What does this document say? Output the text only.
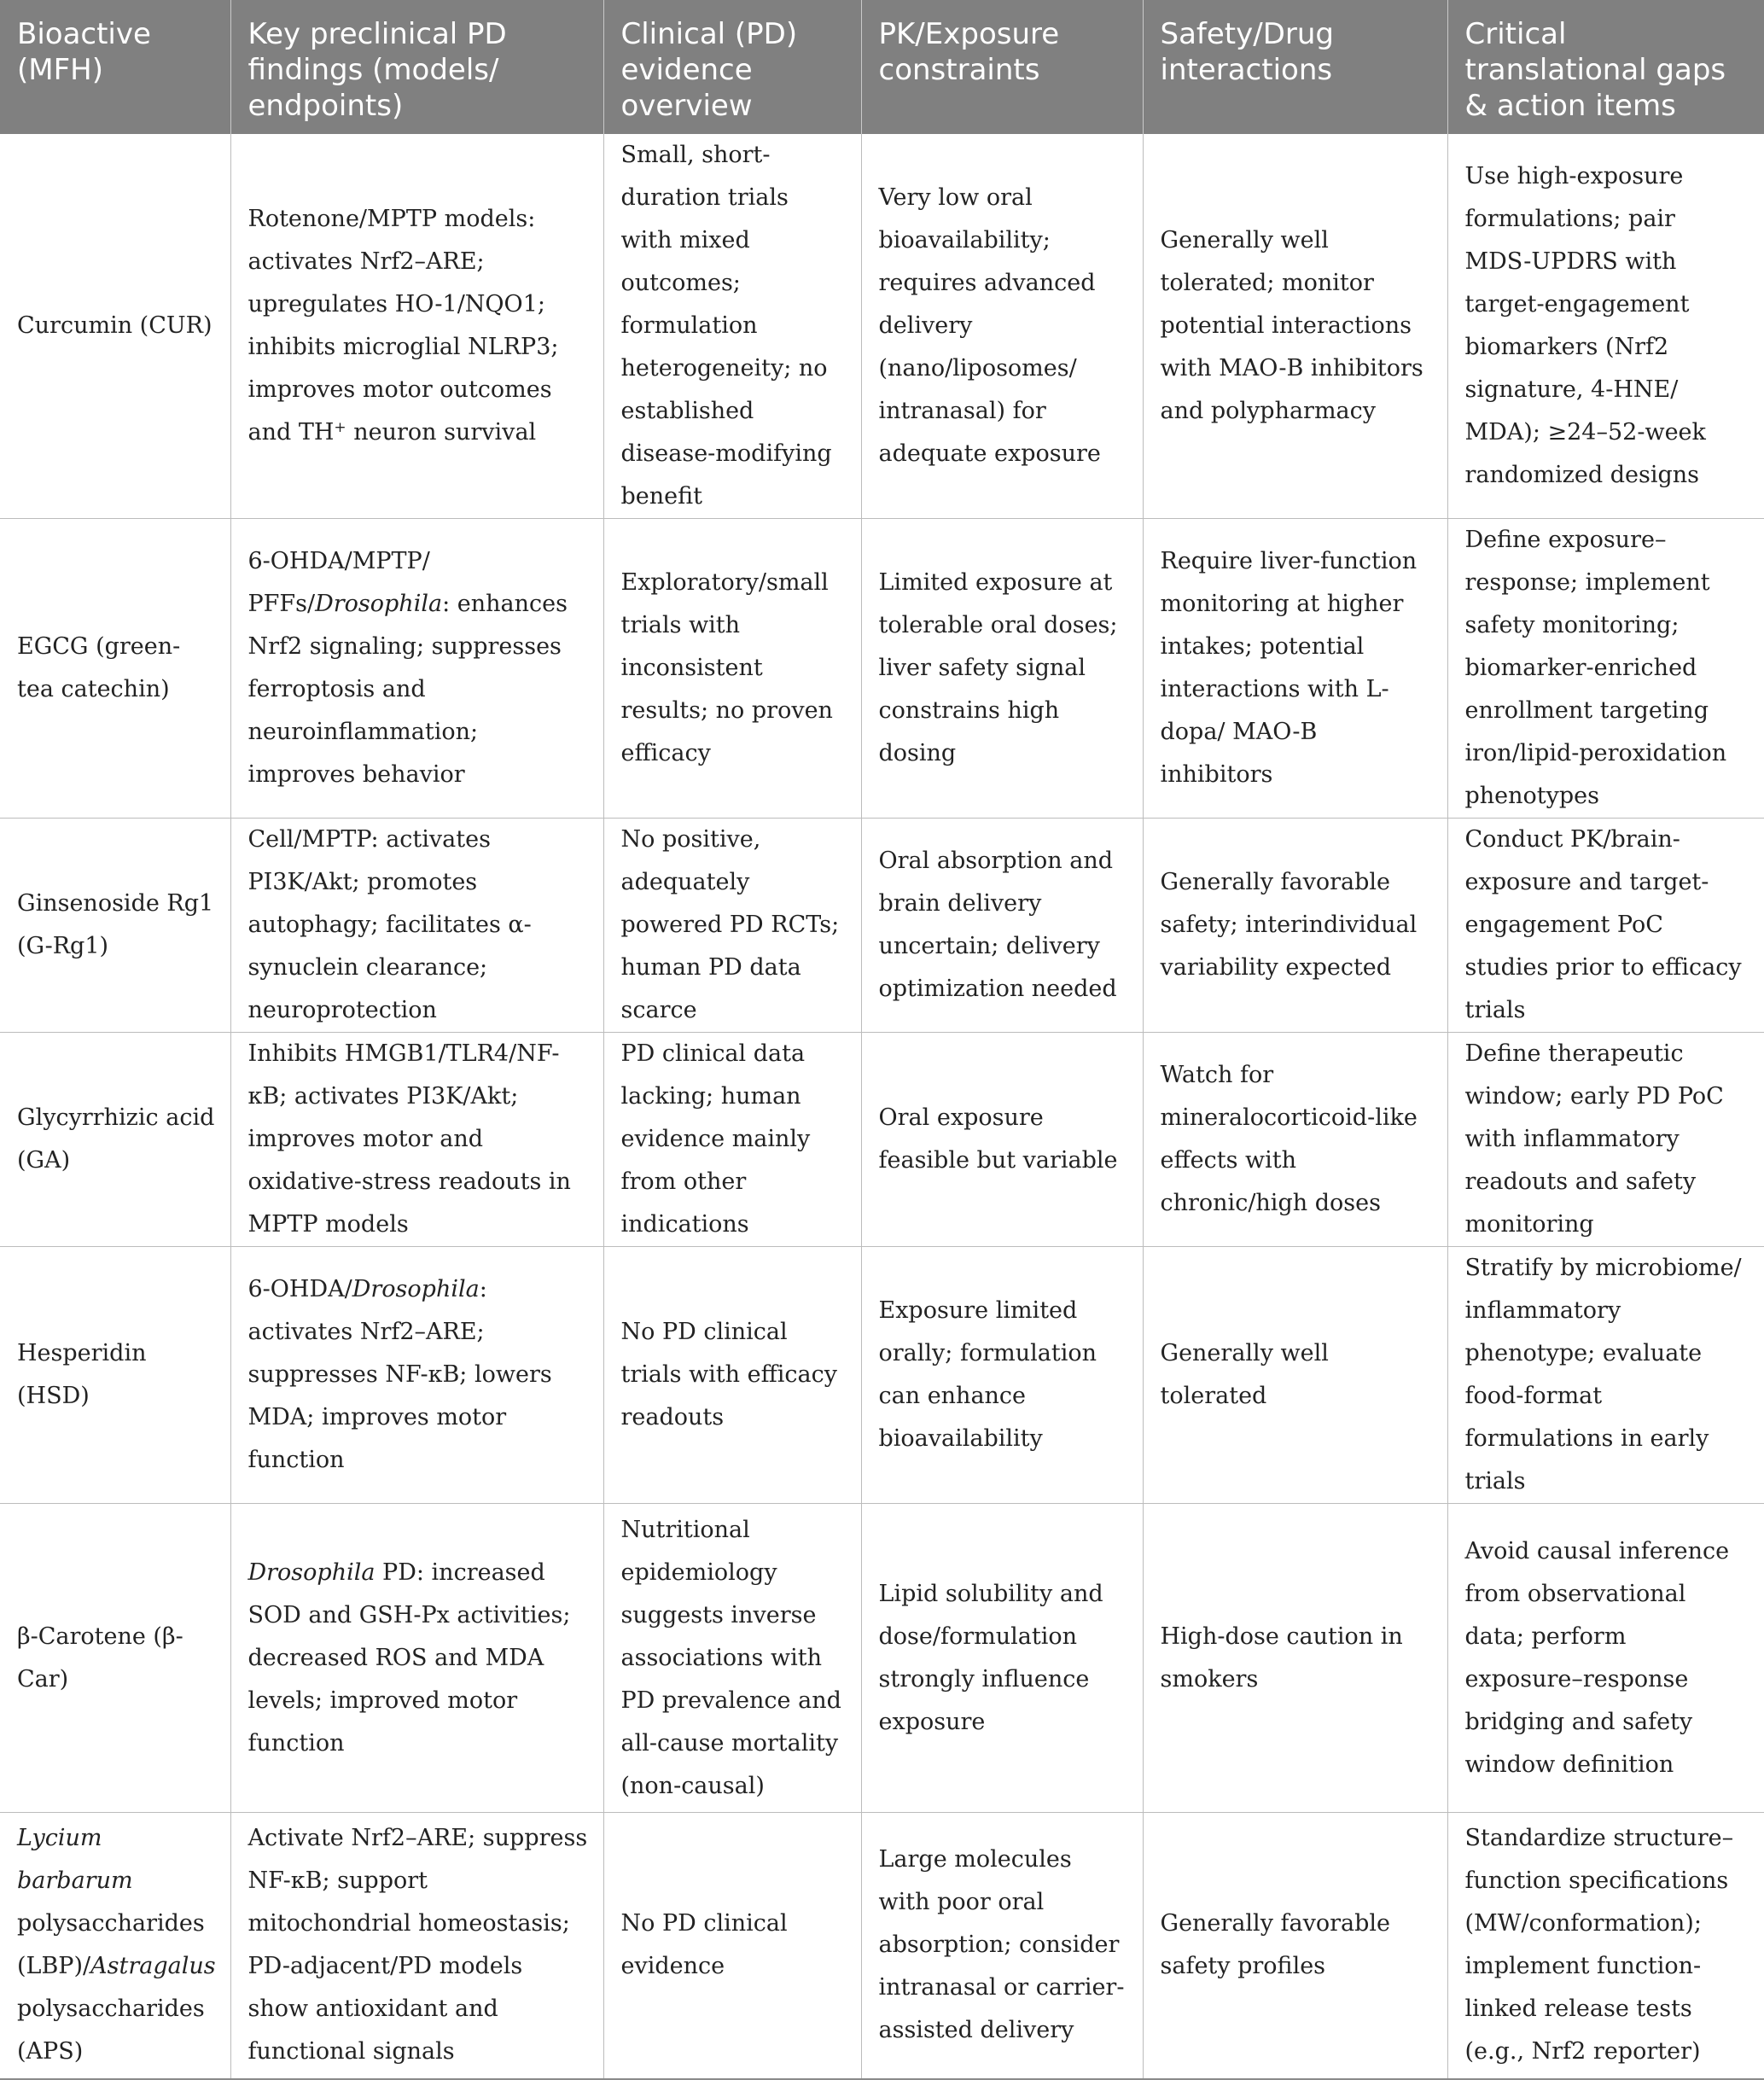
Bioactive (MFH)	Key preclinical PD findings (models/ endpoints)	Clinical (PD) evidence overview	PK/Exposure constraints	Safety/Drug interactions	Critical translational gaps & action items
Curcumin (CUR)	Rotenone/MPTP models: activates Nrf2–ARE; upregulates HO-1/NQO1; inhibits microglial NLRP3; improves motor outcomes and TH+ neuron survival	Small, short-duration trials with mixed outcomes; formulation heterogeneity; no established disease-modifying benefit	Very low oral bioavailability; requires advanced delivery (nano/liposomes/ intranasal) for adequate exposure	Generally well tolerated; monitor potential interactions with MAO-B inhibitors and polypharmacy	Use high-exposure formulations; pair MDS-UPDRS with target-engagement biomarkers (Nrf2 signature, 4-HNE/ MDA); ≥24–52-week randomized designs
EGCG (green-tea catechin)	6-OHDA/MPTP/ PFFs/Drosophila: enhances Nrf2 signaling; suppresses ferroptosis and neuroinflammation; improves behavior	Exploratory/small trials with inconsistent results; no proven efficacy	Limited exposure at tolerable oral doses; liver safety signal constrains high dosing	Require liver-function monitoring at higher intakes; potential interactions with L-dopa/ MAO-B inhibitors	Define exposure–response; implement safety monitoring; biomarker-enriched enrollment targeting iron/lipid-peroxidation phenotypes
Ginsenoside Rg1 (G-Rg1)	Cell/MPTP: activates PI3K/Akt; promotes autophagy; facilitates α-synuclein clearance; neuroprotection	No positive, adequately powered PD RCTs; human PD data scarce	Oral absorption and brain delivery uncertain; delivery optimization needed	Generally favorable safety; interindividual variability expected	Conduct PK/brain-exposure and target-engagement PoC studies prior to efficacy trials
Glycyrrhizic acid (GA)	Inhibits HMGB1/TLR4/NF-κB; activates PI3K/Akt; improves motor and oxidative-stress readouts in MPTP models	PD clinical data lacking; human evidence mainly from other indications	Oral exposure feasible but variable	Watch for mineralocorticoid-like effects with chronic/high doses	Define therapeutic window; early PD PoC with inflammatory readouts and safety monitoring
Hesperidin (HSD)	6-OHDA/Drosophila: activates Nrf2–ARE; suppresses NF-κB; lowers MDA; improves motor function	No PD clinical trials with efficacy readouts	Exposure limited orally; formulation can enhance bioavailability	Generally well tolerated	Stratify by microbiome/ inflammatory phenotype; evaluate food-format formulations in early trials
β-Carotene (β-Car)	Drosophila PD: increased SOD and GSH-Px activities; decreased ROS and MDA levels; improved motor function	Nutritional epidemiology suggests inverse associations with PD prevalence and all-cause mortality (non-causal)	Lipid solubility and dose/formulation strongly influence exposure	High-dose caution in smokers	Avoid causal inference from observational data; perform exposure–response bridging and safety window definition
Lycium barbarum polysaccharides (LBP)/Astragalus polysaccharides (APS)	Activate Nrf2–ARE; suppress NF-κB; support mitochondrial homeostasis; PD-adjacent/PD models show antioxidant and functional signals	No PD clinical evidence	Large molecules with poor oral absorption; consider intranasal or carrier-assisted delivery	Generally favorable safety profiles	Standardize structure–function specifications (MW/conformation); implement function-linked release tests (e.g., Nrf2 reporter)
